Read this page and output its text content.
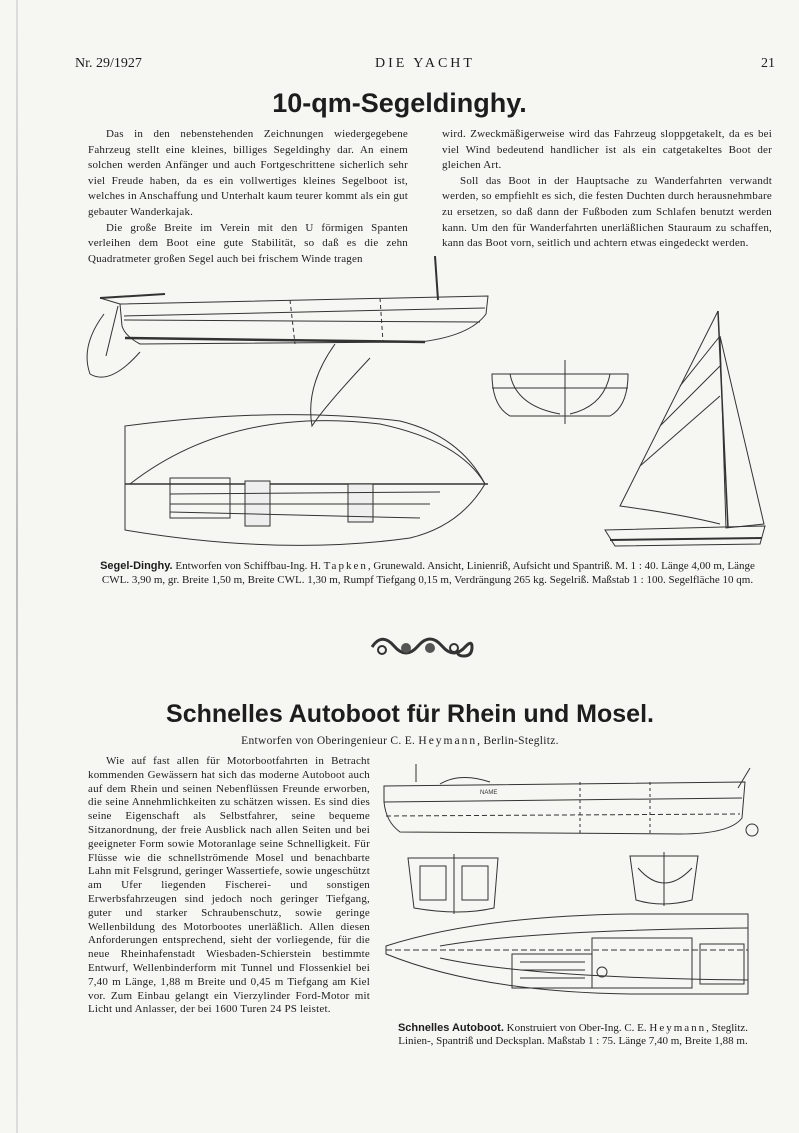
Nr. 29/1927	DIE YACHT	21
10-qm-Segeldinghy.

Das in den nebenstehenden Zeichnungen wiedergegebene Fahrzeug stellt eine kleines, billiges Segeldinghy dar. An einem solchen werden Anfänger und auch Fortgeschrittene sicherlich sehr viel Freude haben, da es ein vollwertiges kleines Segelboot ist, welches in Anschaffung und Unterhalt kaum teurer kommt als ein gut gebauter Wanderkajak.

Die große Breite im Verein mit den U förmigen Spanten verleihen dem Boot eine gute Stabilität, so daß es die zehn Quadratmeter großen Segel auch bei frischem Winde tragen

wird. Zweckmäßigerweise wird das Fahrzeug sloppgetakelt, da es bei viel Wind bedeutend handlicher ist als ein catgetakeltes Boot der gleichen Art.

Soll das Boot in der Hauptsache zu Wanderfahrten verwandt werden, so empfiehlt es sich, die festen Duchten durch herausnehmbare zu ersetzen, so daß dann der Fußboden zum Schlafen benutzt werden kann. Um den für Wanderfahrten unerläßlichen Stauraum zu schaffen, kann das Boot vorn, seitlich und achtern etwas eingedeckt werden.

Segel-Dinghy. Entworfen von Schiffbau-Ing. H. Tapken, Grunewald. Ansicht, Linienriß, Aufsicht und Spantriß. M. 1 : 40. Länge 4,00 m, Länge CWL. 3,90 m, gr. Breite 1,50 m, Breite CWL. 1,30 m, Rumpf Tiefgang 0,15 m, Verdrängung 265 kg. Segelriß. Maßstab 1 : 100. Segelfläche 10 qm.
Schnelles Autoboot für Rhein und Mosel.
Entworfen von Oberingenieur C. E. Heymann, Berlin-Steglitz.

Wie auf fast allen für Motorbootfahrten in Betracht kommenden Gewässern hat sich das moderne Autoboot auch auf dem Rhein und seinen Nebenflüssen Freunde erworben, die seine Annehmlichkeiten zu schätzen wissen. Es sind dies seine Eigenschaft als Selbstfahrer, seine bequeme Sitzanordnung, der freie Ausblick nach allen Seiten und bei geeigneter Form sowie Motoranlage seine Schnelligkeit. Für Flüsse wie die schnellströmende Mosel und benachbarte Lahn mit Felsgrund, geringer Wassertiefe, sowie ungeschützt am Ufer liegenden Fischerei- und sonstigen Erwerbsfahrzeugen sind jedoch noch geringer Tiefgang, guter und starker Schraubenschutz, sowie geringe Wellenbildung des Motorbootes unerläßlich. Allen diesen Anforderungen entsprechend, sieht der vorliegende, für die neue Rheinhafenstadt Wiesbaden-Schierstein bestimmte Entwurf, Wellenbinderform mit Tunnel und Flossenkiel bei 7,40 m Länge, 1,88 m Breite und 0,45 m Tiefgang am Kiel vor. Zum Einbau gelangt ein Vierzylinder Ford-Motor mit Licht und Anlasser, der bei 1600 Turen 24 PS leistet.

NAME
Schnelles Autoboot. Konstruiert von Ober-Ing. C. E. Heymann, Steglitz. Linien-, Spantriß und Decksplan. Maßstab 1 : 75. Länge 7,40 m, Breite 1,88 m.
